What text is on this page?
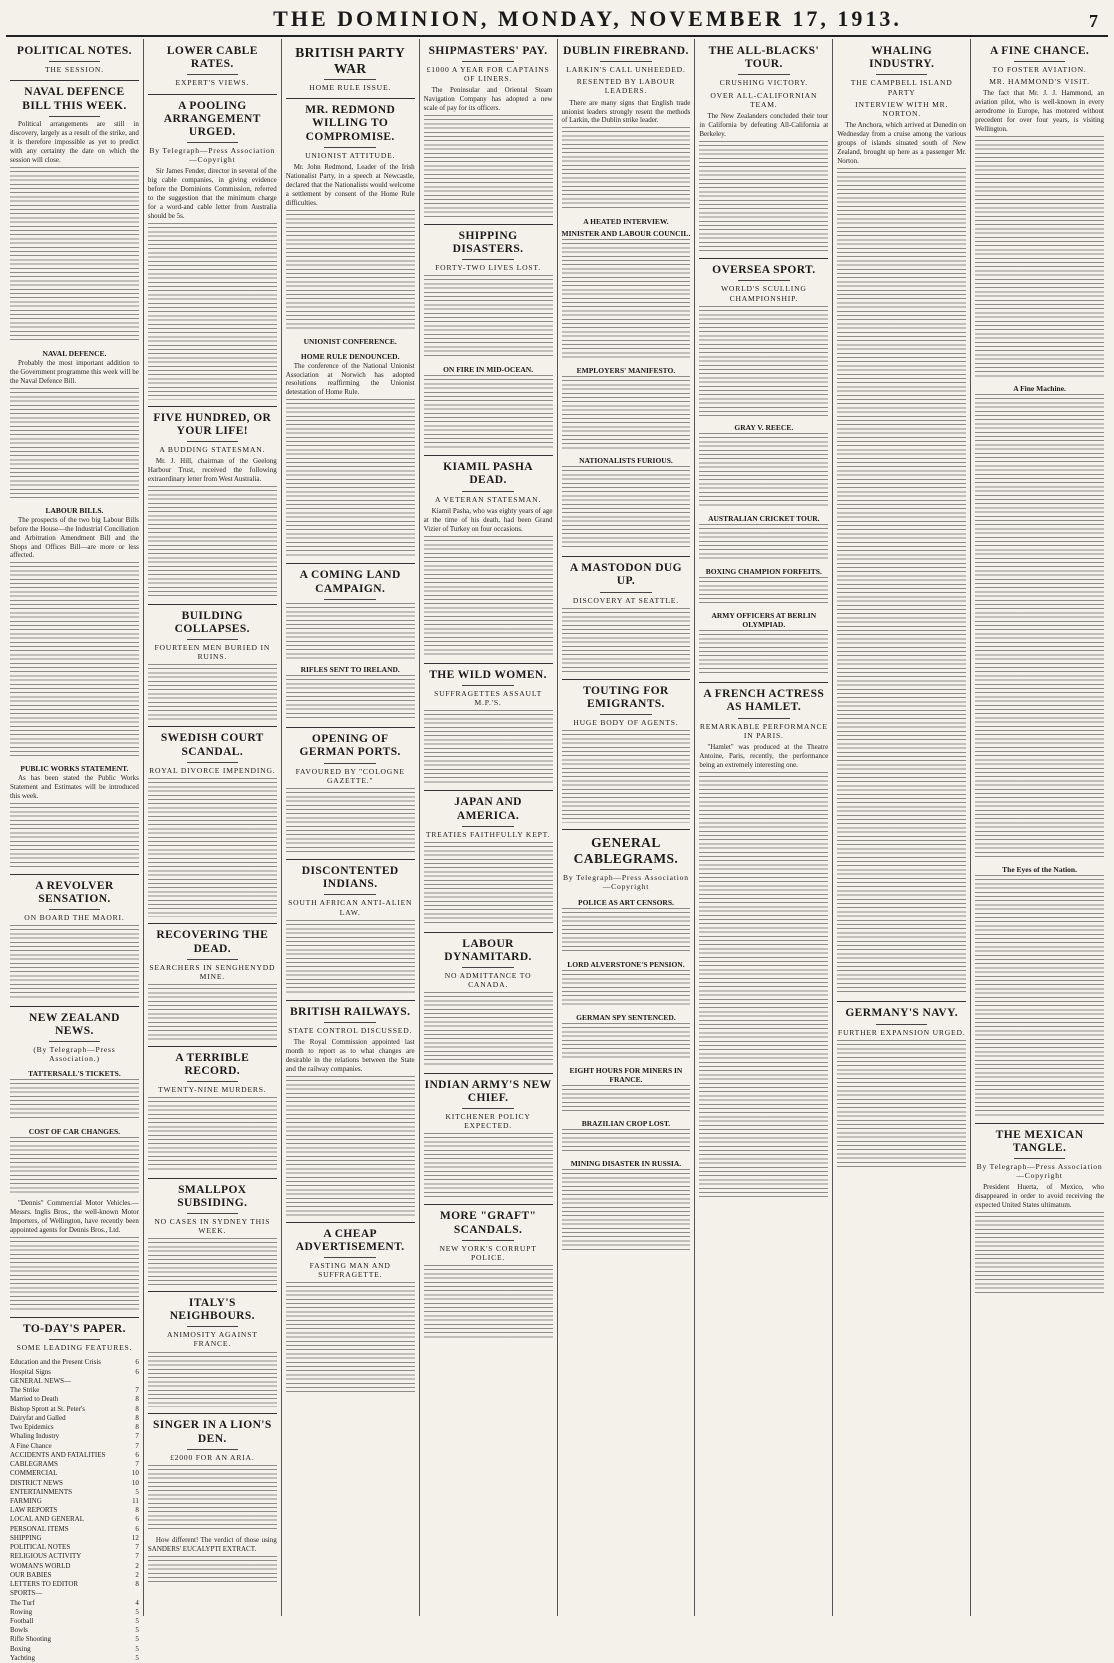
THE DOMINION, MONDAY, NOVEMBER 17, 1913.	7
POLITICAL NOTES.
THE SESSION.
NAVAL DEFENCE BILL THIS WEEK.
Political arrangements are still in discovery, largely as a result of the strike, and it is therefore impossible as yet to predict with any certainty the date on which the session will close.
NAVAL DEFENCE.
Probably the most important addition to the Government programme this week will be the Naval Defence Bill.
LABOUR BILLS.
The prospects of the two big Labour Bills before the House—the Industrial Conciliation and Arbitration Amendment Bill and the Shops and Offices Bill—are more or less affected.
PUBLIC WORKS STATEMENT.
As has been stated the Public Works Statement and Estimates will be introduced this week.
A REVOLVER SENSATION.
ON BOARD THE MAORI.
NEW ZEALAND NEWS.
(By Telegraph—Press Association.)
TATTERSALL'S TICKETS.
COST OF CAR CHANGES.
"Dennis" Commercial Motor Vehicles.—Messrs. Inglis Bros., the well-known Motor Importers, of Wellington, have recently been appointed agents for Dennis Bros., Ltd.
TO-DAY'S PAPER.
SOME LEADING FEATURES.
Education and the Present Crisis	6
Hospital Signs	6
GENERAL NEWS—
The Strike	7
Married to Death	8
Bishop Sprott at St. Peter's	8
Dairyfat and Galled	8
Two Epidemics	8
Whaling Industry	7
A Fine Chance	7
ACCIDENTS AND FATALITIES	6
CABLEGRAMS	7
COMMERCIAL	10
DISTRICT NEWS	10
ENTERTAINMENTS	5
FARMING	11
LAW REPORTS	8
LOCAL AND GENERAL	6
PERSONAL ITEMS	6
SHIPPING	12
POLITICAL NOTES	7
RELIGIOUS ACTIVITY	7
WOMAN'S WORLD	2
OUR BABIES	2
LETTERS TO EDITOR	8
SPORTS—
The Turf	4
Rowing	5
Football	5
Bowls	5
Rifle Shooting	5
Boxing	5
Yachting	5
LOWER CABLE RATES.
EXPERT'S VIEWS.
A POOLING ARRANGEMENT URGED.
By Telegraph—Press Association—Copyright
Sir James Fender, director in several of the big cable companies, in giving evidence before the Dominions Commission, referred to the suggestion that the minimum charge for a word-and cable letter from Australia should be 5s.
FIVE HUNDRED, OR YOUR LIFE!
A BUDDING STATESMAN.
Mr. J. Hill, chairman of the Geelong Harbour Trust, received the following extraordinary letter from West Australia.
BUILDING COLLAPSES.
FOURTEEN MEN BURIED IN RUINS.
SWEDISH COURT SCANDAL.
ROYAL DIVORCE IMPENDING.
RECOVERING THE DEAD.
SEARCHERS IN SENGHENYDD MINE.
A TERRIBLE RECORD.
TWENTY-NINE MURDERS.
SMALLPOX SUBSIDING.
NO CASES IN SYDNEY THIS WEEK.
ITALY'S NEIGHBOURS.
ANIMOSITY AGAINST FRANCE.
SINGER IN A LION'S DEN.
£2000 FOR AN ARIA.
How different! The verdict of those using SANDERS' EUCALYPTI EXTRACT.
BRITISH PARTY WAR
HOME RULE ISSUE.
MR. REDMOND WILLING TO COMPROMISE.
UNIONIST ATTITUDE.
Mr. John Redmond, Leader of the Irish Nationalist Party, in a speech at Newcastle, declared that the Nationalists would welcome a settlement by consent of the Home Rule difficulties.
UNIONIST CONFERENCE.
HOME RULE DENOUNCED.
The conference of the National Unionist Association at Norwich has adopted resolutions reaffirming the Unionist detestation of Home Rule.
A COMING LAND CAMPAIGN.
RIFLES SENT TO IRELAND.
OPENING OF GERMAN PORTS.
FAVOURED BY "COLOGNE GAZETTE."
DISCONTENTED INDIANS.
SOUTH AFRICAN ANTI-ALIEN LAW.
BRITISH RAILWAYS.
STATE CONTROL DISCUSSED.
The Royal Commission appointed last month to report as to what changes are desirable in the relations between the State and the railway companies.
A CHEAP ADVERTISEMENT.
FASTING MAN AND SUFFRAGETTE.
SHIPMASTERS' PAY.
£1000 A YEAR FOR CAPTAINS OF LINERS.
The Peninsular and Oriental Steam Navigation Company has adopted a new scale of pay for its officers.
SHIPPING DISASTERS.
FORTY-TWO LIVES LOST.
ON FIRE IN MID-OCEAN.
KIAMIL PASHA DEAD.
A VETERAN STATESMAN.
Kiamil Pasha, who was eighty years of age at the time of his death, had been Grand Vizier of Turkey on four occasions.
THE WILD WOMEN.
SUFFRAGETTES ASSAULT M.P.'S.
JAPAN AND AMERICA.
TREATIES FAITHFULLY KEPT.
LABOUR DYNAMITARD.
NO ADMITTANCE TO CANADA.
INDIAN ARMY'S NEW CHIEF.
KITCHENER POLICY EXPECTED.
MORE "GRAFT" SCANDALS.
NEW YORK'S CORRUPT POLICE.
DUBLIN FIREBRAND.
LARKIN'S CALL UNHEEDED.
RESENTED BY LABOUR LEADERS.
There are many signs that English trade unionist leaders strongly resent the methods of Larkin, the Dublin strike leader.
A HEATED INTERVIEW.
MINISTER AND LABOUR COUNCIL.
EMPLOYERS' MANIFESTO.
NATIONALISTS FURIOUS.
A MASTODON DUG UP.
DISCOVERY AT SEATTLE.
TOUTING FOR EMIGRANTS.
HUGE BODY OF AGENTS.
GENERAL CABLEGRAMS.
By Telegraph—Press Association—Copyright
POLICE AS ART CENSORS.
LORD ALVERSTONE'S PENSION.
GERMAN SPY SENTENCED.
EIGHT HOURS FOR MINERS IN FRANCE.
BRAZILIAN CROP LOST.
MINING DISASTER IN RUSSIA.
THE ALL-BLACKS' TOUR.
CRUSHING VICTORY.
OVER ALL-CALIFORNIAN TEAM.
The New Zealanders concluded their tour in California by defeating All-California at Berkeley.
OVERSEA SPORT.
WORLD'S SCULLING CHAMPIONSHIP.
GRAY V. REECE.
AUSTRALIAN CRICKET TOUR.
BOXING CHAMPION FORFEITS.
ARMY OFFICERS AT BERLIN OLYMPIAD.
A FRENCH ACTRESS AS HAMLET.
REMARKABLE PERFORMANCE IN PARIS.
"Hamlet" was produced at the Theatre Antoine, Paris, recently, the performance being an extremely interesting one.
WHALING INDUSTRY.
THE CAMPBELL ISLAND PARTY
INTERVIEW WITH MR. NORTON.
The Anchora, which arrived at Dunedin on Wednesday from a cruise among the various groups of islands situated south of New Zealand, brought up here as a passenger Mr. Norton.
GERMANY'S NAVY.
FURTHER EXPANSION URGED.
A FINE CHANCE.
TO FOSTER AVIATION.
MR. HAMMOND'S VISIT.
The fact that Mr. J. J. Hammond, an aviation pilot, who is well-known in every aerodrome in Europe, has motored without precedent for over four years, is visiting Wellington.
A Fine Machine.
The Eyes of the Nation.
THE MEXICAN TANGLE.
By Telegraph—Press Association—Copyright
President Huerta, of Mexico, who disappeared in order to avoid receiving the expected United States ultimatum.
